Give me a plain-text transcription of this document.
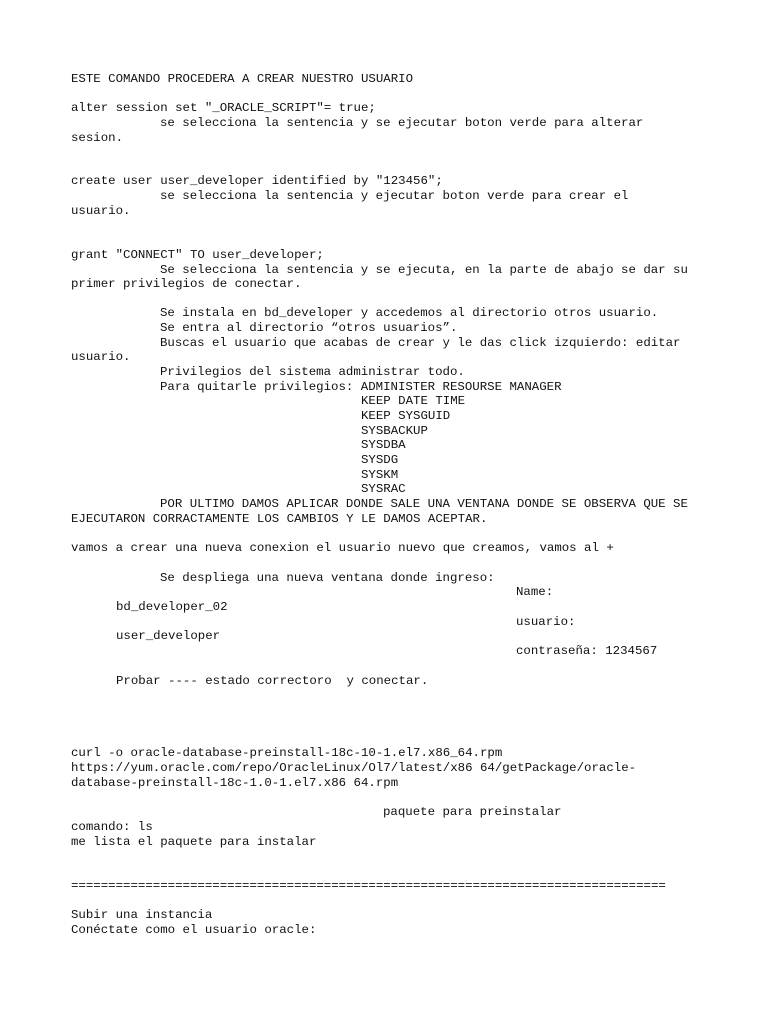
ESTE COMANDO PROCEDERA A CREAR NUESTRO USUARIO

alter session set "_ORACLE_SCRIPT"= true;

se selecciona la sentencia y se ejecutar boton verde para alterar

sesion.

create user user_developer identified by "123456";

se selecciona la sentencia y ejecutar boton verde para crear el

usuario.

grant "CONNECT" TO user_developer;

Se selecciona la sentencia y se ejecuta, en la parte de abajo se dar su

primer privilegios de conectar.

Se instala en bd_developer y accedemos al directorio otros usuario.

Se entra al directorio “otros usuarios”.

Buscas el usuario que acabas de crear y le das click izquierdo: editar

usuario.

Privilegios del sistema administrar todo.

Para quitarle privilegios: ADMINISTER RESOURSE MANAGER

KEEP DATE TIME

KEEP SYSGUID

SYSBACKUP

SYSDBA

SYSDG

SYSKM

SYSRAC

POR ULTIMO DAMOS APLICAR DONDE SALE UNA VENTANA DONDE SE OBSERVA QUE SE

EJECUTARON CORRACTAMENTE LOS CAMBIOS Y LE DAMOS ACEPTAR.

vamos a crear una nueva conexion el usuario nuevo que creamos, vamos al +

Se despliega una nueva ventana donde ingreso:

Name:

bd_developer_02

usuario:

user_developer

contraseña: 1234567

Probar ---- estado correctoro  y conectar.

curl -o oracle-database-preinstall-18c-10-1.el7.x86_64.rpm

https://yum.oracle.com/repo/OracleLinux/Ol7/latest/x86 64/getPackage/oracle-

database-preinstall-18c-1.0-1.el7.x86 64.rpm

paquete para preinstalar

comando: ls

me lista el paquete para instalar

================================================================================

Subir una instancia

Conéctate como el usuario oracle:
